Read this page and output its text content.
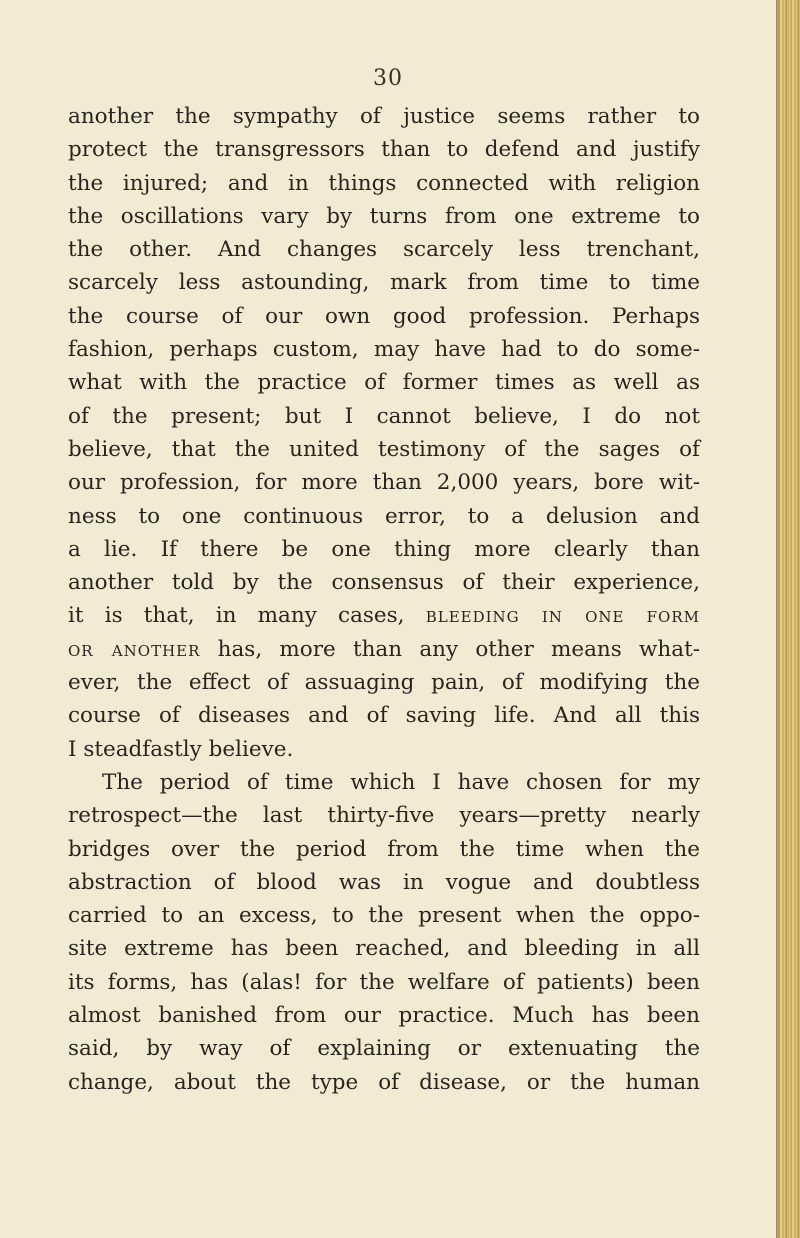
30
another the sympathy of justice seems rather to
protect the transgressors than to defend and justify
the injured; and in things connected with religion
the oscillations vary by turns from one extreme to
the other. And changes scarcely less trenchant,
scarcely less astounding, mark from time to time
the course of our own good profession. Perhaps
fashion, perhaps custom, may have had to do some-
what with the practice of former times as well as
of the present; but I cannot believe, I do not
believe, that the united testimony of the sages of
our profession, for more than 2,000 years, bore wit-
ness to one continuous error, to a delusion and
a lie. If there be one thing more clearly than
another told by the consensus of their experience,
it is that, in many cases, bleeding in one form
or another has, more than any other means what-
ever, the effect of assuaging pain, of modifying the
course of diseases and of saving life. And all this
I steadfastly believe.
The period of time which I have chosen for my
retrospect—the last thirty-five years—pretty nearly
bridges over the period from the time when the
abstraction of blood was in vogue and doubtless
carried to an excess, to the present when the oppo-
site extreme has been reached, and bleeding in all
its forms, has (alas! for the welfare of patients) been
almost banished from our practice. Much has been
said, by way of explaining or extenuating the
change, about the type of disease, or the human
